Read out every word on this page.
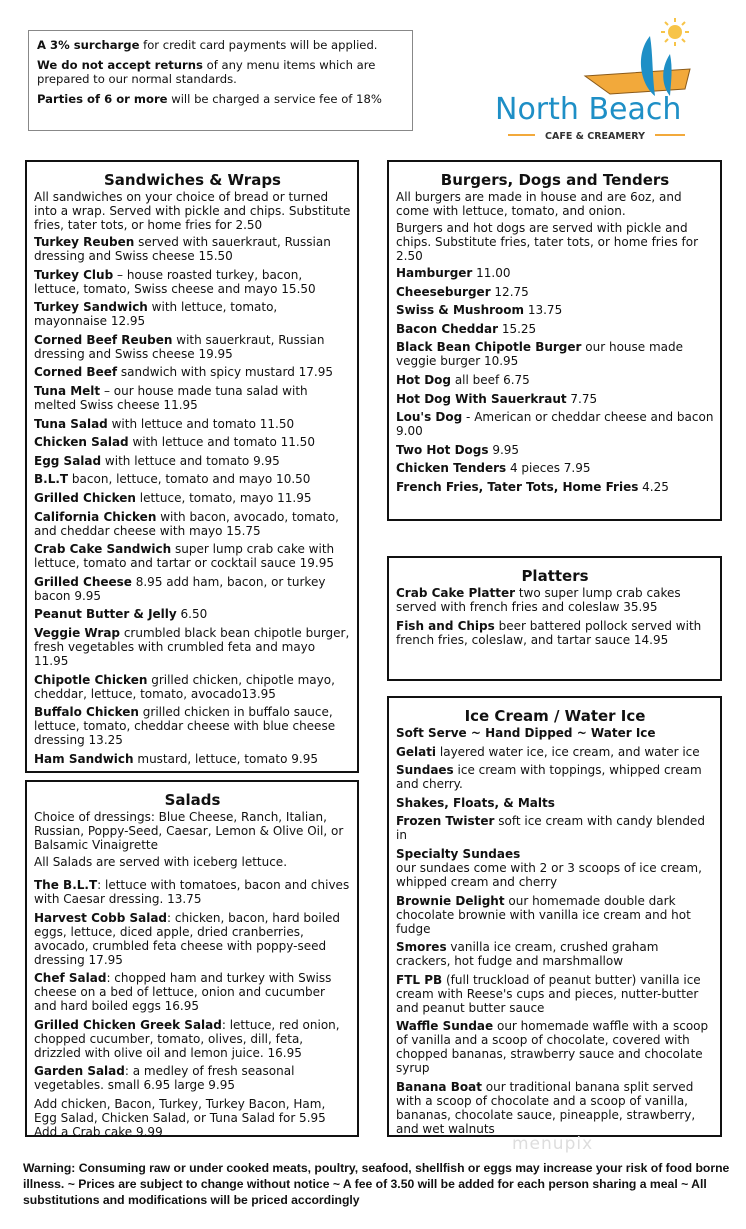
A 3% surcharge for credit card payments will be applied.

We do not accept returns of any menu items which are prepared to our normal standards.

Parties of 6 or more will be charged a service fee of 18%	North Beach
CAFE & CREAMERY
Sandwiches & Wraps
All sandwiches on your choice of bread or turned into a wrap. Served with pickle and chips. Substitute fries, tater tots, or home fries for 2.50
Turkey Reuben served with sauerkraut, Russian dressing and Swiss cheese 15.50
Turkey Club – house roasted turkey, bacon, lettuce, tomato, Swiss cheese and mayo 15.50
Turkey Sandwich with lettuce, tomato, mayonnaise 12.95
Corned Beef Reuben with sauerkraut, Russian dressing and Swiss cheese 19.95
Corned Beef sandwich with spicy mustard 17.95
Tuna Melt – our house made tuna salad with melted Swiss cheese 11.95
Tuna Salad with lettuce and tomato 11.50
Chicken Salad with lettuce and tomato 11.50
Egg Salad with lettuce and tomato 9.95
B.L.T bacon, lettuce, tomato and mayo 10.50
Grilled Chicken lettuce, tomato, mayo 11.95
California Chicken with bacon, avocado, tomato, and cheddar cheese with mayo 15.75
Crab Cake Sandwich super lump crab cake with lettuce, tomato and tartar or cocktail sauce 19.95
Grilled Cheese 8.95 add ham, bacon, or turkey bacon 9.95
Peanut Butter & Jelly 6.50
Veggie Wrap crumbled black bean chipotle burger, fresh vegetables with crumbled feta and mayo 11.95
Chipotle Chicken grilled chicken, chipotle mayo, cheddar, lettuce, tomato, avocado13.95
Buffalo Chicken grilled chicken in buffalo sauce, lettuce, tomato, cheddar cheese with blue cheese dressing 13.25
Ham Sandwich mustard, lettuce, tomato 9.95
Salads
Choice of dressings: Blue Cheese, Ranch, Italian, Russian, Poppy-Seed, Caesar, Lemon & Olive Oil, or Balsamic Vinaigrette
All Salads are served with iceberg lettuce.
The B.L.T: lettuce with tomatoes, bacon and chives with Caesar dressing. 13.75
Harvest Cobb Salad: chicken, bacon, hard boiled eggs, lettuce, diced apple, dried cranberries, avocado, crumbled feta cheese with poppy-seed dressing 17.95
Chef Salad: chopped ham and turkey with Swiss cheese on a bed of lettuce, onion and cucumber and hard boiled eggs 16.95
Grilled Chicken Greek Salad: lettuce, red onion, chopped cucumber, tomato, olives, dill, feta, drizzled with olive oil and lemon juice. 16.95
Garden Salad: a medley of fresh seasonal vegetables. small 6.95 large 9.95
Add chicken, Bacon, Turkey, Turkey Bacon, Ham, Egg Salad, Chicken Salad, or Tuna Salad for 5.95
Add a Crab cake 9.99
Burgers, Dogs and Tenders
All burgers are made in house and are 6oz, and come with lettuce, tomato, and onion.
Burgers and hot dogs are served with pickle and chips. Substitute fries, tater tots, or home fries for 2.50
Hamburger 11.00
Cheeseburger 12.75
Swiss & Mushroom 13.75
Bacon Cheddar 15.25
Black Bean Chipotle Burger our house made veggie burger 10.95
Hot Dog all beef 6.75
Hot Dog With Sauerkraut 7.75
Lou's Dog - American or cheddar cheese and bacon 9.00
Two Hot Dogs 9.95
Chicken Tenders 4 pieces 7.95
French Fries, Tater Tots, Home Fries 4.25
Platters
Crab Cake Platter two super lump crab cakes served with french fries and coleslaw 35.95
Fish and Chips beer battered pollock served with french fries, coleslaw, and tartar sauce 14.95
Ice Cream / Water Ice
Soft Serve ~ Hand Dipped ~ Water Ice
Gelati layered water ice, ice cream, and water ice
Sundaes ice cream with toppings, whipped cream and cherry.
Shakes, Floats, & Malts
Frozen Twister soft ice cream with candy blended in
Specialty Sundaes
our sundaes come with 2 or 3 scoops of ice cream, whipped cream and cherry
Brownie Delight our homemade double dark chocolate brownie with vanilla ice cream and hot fudge
Smores vanilla ice cream, crushed graham crackers, hot fudge and marshmallow
FTL PB (full truckload of peanut butter) vanilla ice cream with Reese's cups and pieces, nutter-butter and peanut butter sauce
Waffle Sundae our homemade waffle with a scoop of vanilla and a scoop of chocolate, covered with chopped bananas, strawberry sauce and chocolate syrup
Banana Boat our traditional banana split served with a scoop of chocolate and a scoop of vanilla, bananas, chocolate sauce, pineapple, strawberry, and wet walnuts
menupix
Warning: Consuming raw or under cooked meats, poultry, seafood, shellfish or eggs may increase your risk of food borne illness. ~ Prices are subject to change without notice ~ A fee of 3.50 will be added for each person sharing a meal ~ All substitutions and modifications will be priced accordingly
